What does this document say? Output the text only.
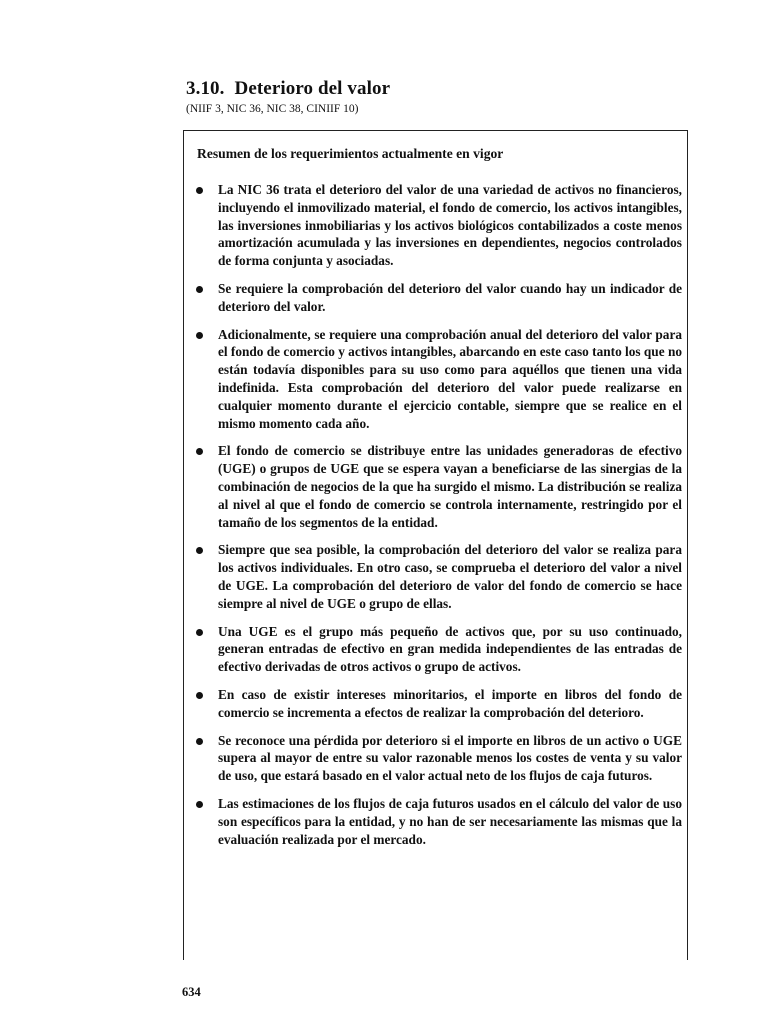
3.10. Deterioro del valor
(NIIF 3, NIC 36, NIC 38, CINIIF 10)
Resumen de los requerimientos actualmente en vigor
La NIC 36 trata el deterioro del valor de una variedad de activos no financieros, incluyendo el inmovilizado material, el fondo de comercio, los activos intangibles, las inversiones inmobiliarias y los activos biológicos contabilizados a coste menos amortización acumulada y las inversiones en dependientes, negocios controlados de forma conjunta y asociadas.
Se requiere la comprobación del deterioro del valor cuando hay un indicador de deterioro del valor.
Adicionalmente, se requiere una comprobación anual del deterioro del valor para el fondo de comercio y activos intangibles, abarcando en este caso tanto los que no están todavía disponibles para su uso como para aquéllos que tienen una vida indefinida. Esta comprobación del deterioro del valor puede realizarse en cualquier momento durante el ejercicio contable, siempre que se realice en el mismo momento cada año.
El fondo de comercio se distribuye entre las unidades generadoras de efectivo (UGE) o grupos de UGE que se espera vayan a beneficiarse de las sinergias de la combinación de negocios de la que ha surgido el mismo. La distribución se realiza al nivel al que el fondo de comercio se controla internamente, restringido por el tamaño de los segmentos de la entidad.
Siempre que sea posible, la comprobación del deterioro del valor se realiza para los activos individuales. En otro caso, se comprueba el deterioro del valor a nivel de UGE. La comprobación del deterioro de valor del fondo de comercio se hace siempre al nivel de UGE o grupo de ellas.
Una UGE es el grupo más pequeño de activos que, por su uso continuado, generan entradas de efectivo en gran medida independientes de las entradas de efectivo derivadas de otros activos o grupo de activos.
En caso de existir intereses minoritarios, el importe en libros del fondo de comercio se incrementa a efectos de realizar la comprobación del deterioro.
Se reconoce una pérdida por deterioro si el importe en libros de un activo o UGE supera al mayor de entre su valor razonable menos los costes de venta y su valor de uso, que estará basado en el valor actual neto de los flujos de caja futuros.
Las estimaciones de los flujos de caja futuros usados en el cálculo del valor de uso son específicos para la entidad, y no han de ser necesariamente las mismas que la evaluación realizada por el mercado.
634
